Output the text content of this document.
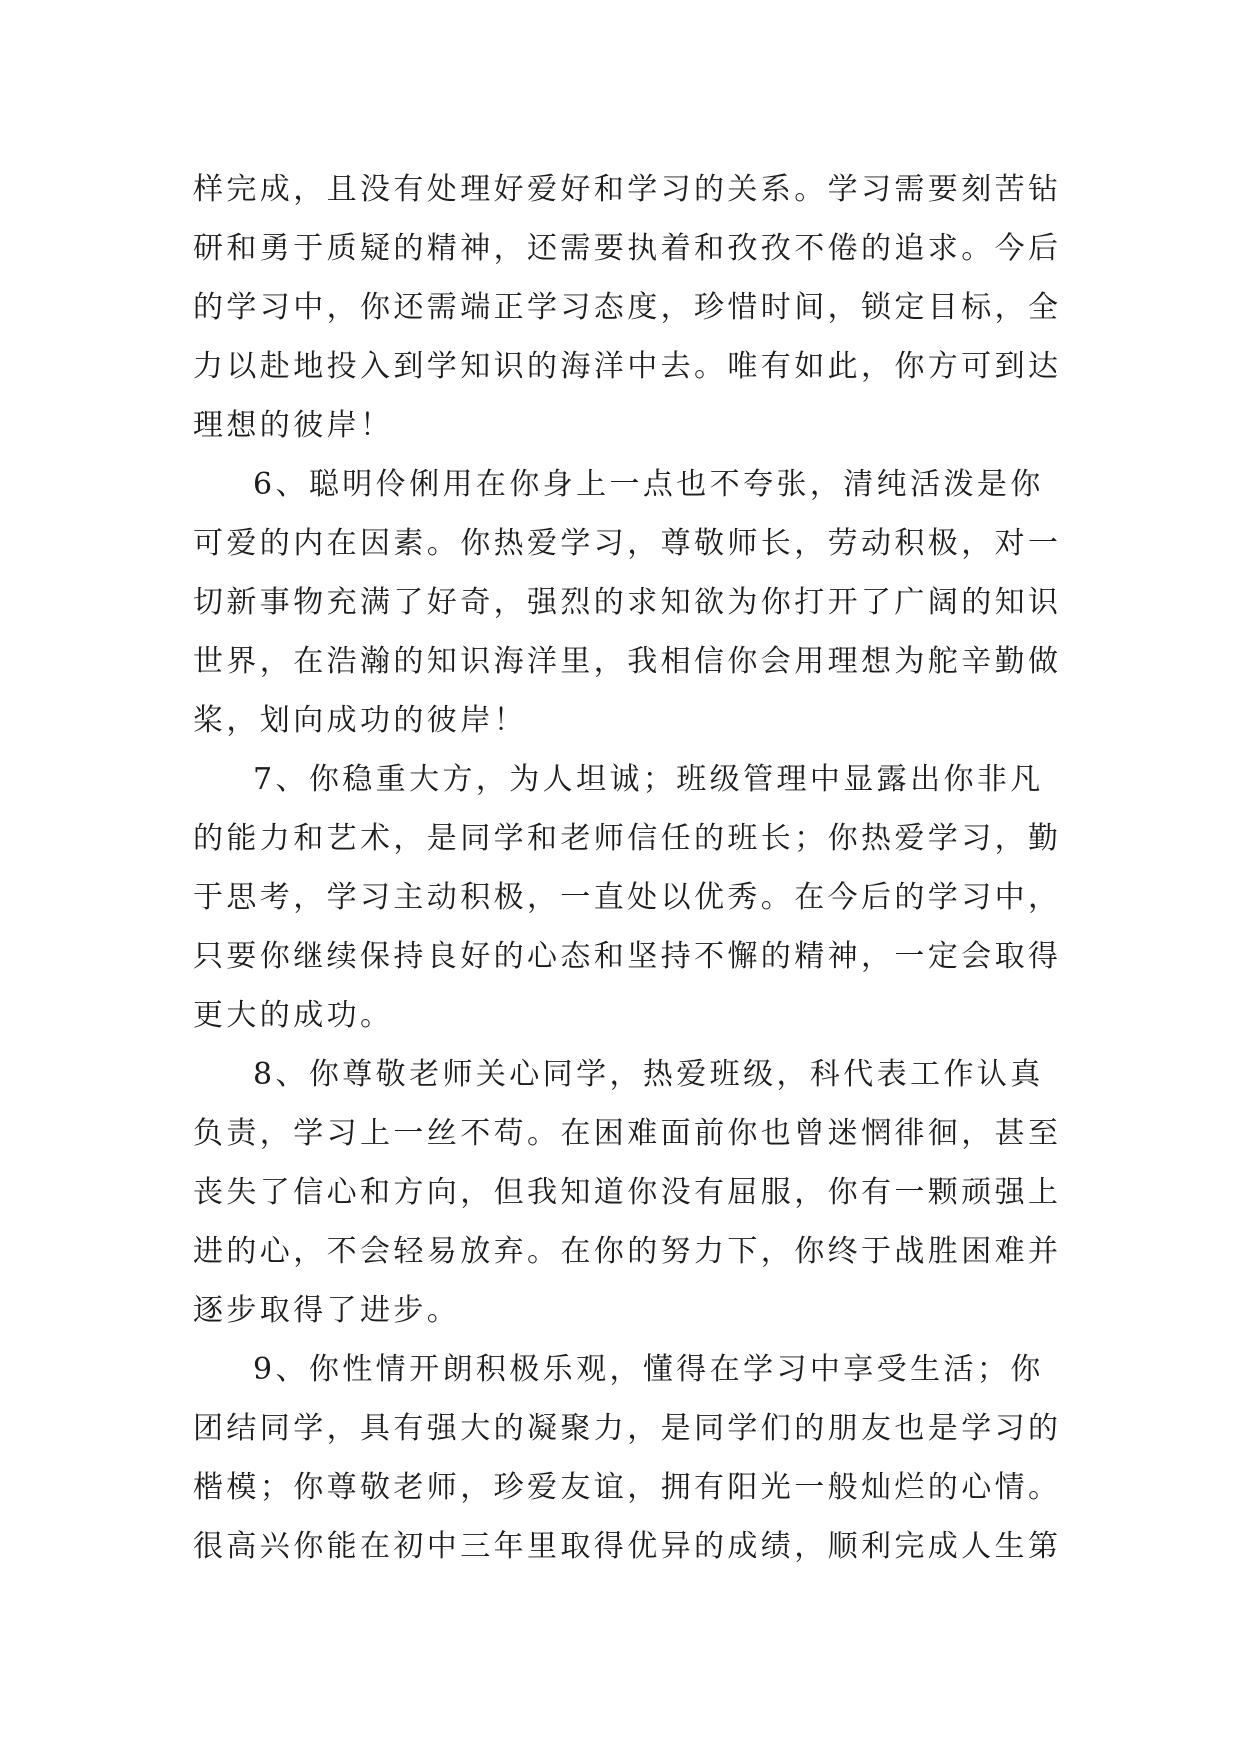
样完成，且没有处理好爱好和学习的关系。学习需要刻苦钻
研和勇于质疑的精神，还需要执着和孜孜不倦的追求。今后
的学习中，你还需端正学习态度，珍惜时间，锁定目标，全
力以赴地投入到学知识的海洋中去。唯有如此，你方可到达
理想的彼岸！
6、聪明伶俐用在你身上一点也不夸张，清纯活泼是你
可爱的内在因素。你热爱学习，尊敬师长，劳动积极，对一
切新事物充满了好奇，强烈的求知欲为你打开了广阔的知识
世界，在浩瀚的知识海洋里，我相信你会用理想为舵辛勤做
桨，划向成功的彼岸！
7、你稳重大方，为人坦诚；班级管理中显露出你非凡
的能力和艺术，是同学和老师信任的班长；你热爱学习，勤
于思考，学习主动积极，一直处以优秀。在今后的学习中，
只要你继续保持良好的心态和坚持不懈的精神，一定会取得
更大的成功。
8、你尊敬老师关心同学，热爱班级，科代表工作认真
负责，学习上一丝不苟。在困难面前你也曾迷惘徘徊，甚至
丧失了信心和方向，但我知道你没有屈服，你有一颗顽强上
进的心，不会轻易放弃。在你的努力下，你终于战胜困难并
逐步取得了进步。
9、你性情开朗积极乐观，懂得在学习中享受生活；你
团结同学，具有强大的凝聚力，是同学们的朋友也是学习的
楷模；你尊敬老师，珍爱友谊，拥有阳光一般灿烂的心情。
很高兴你能在初中三年里取得优异的成绩，顺利完成人生第
